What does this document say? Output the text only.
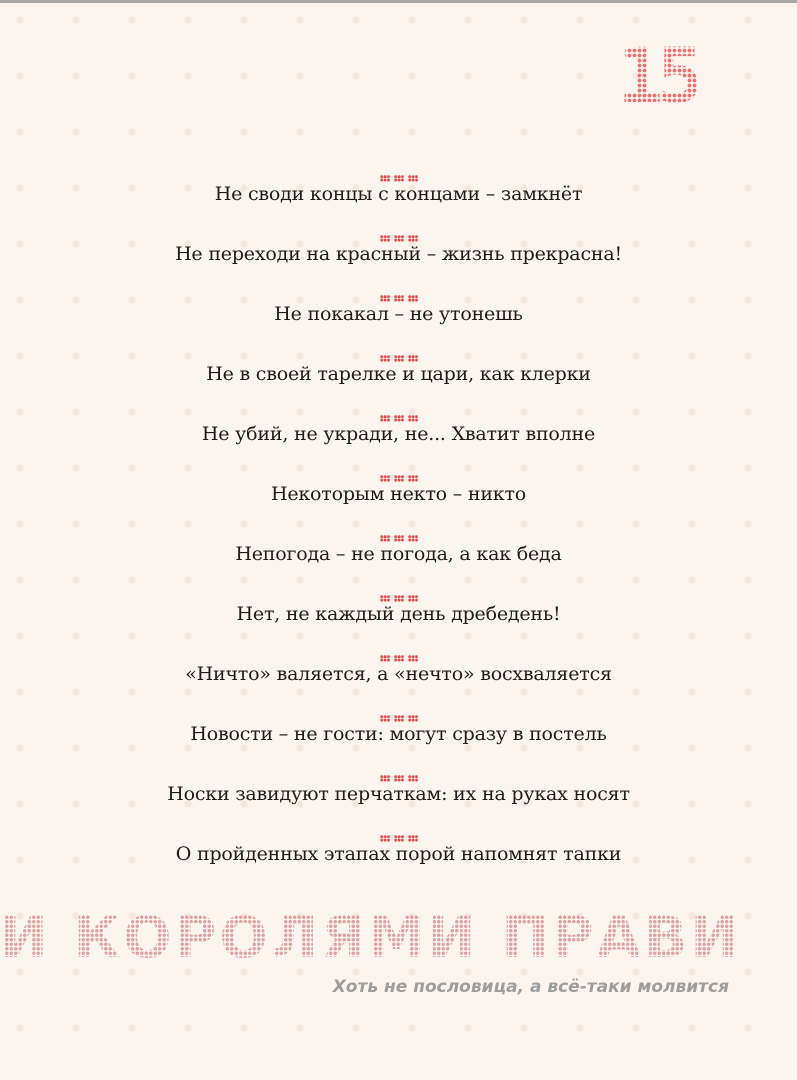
15
Не своди концы с концами – замкнёт
Не переходи на красный – жизнь прекрасна!
Не покакал – не утонешь
Не в своей тарелке и цари, как клерки
Не убий, не укради, не... Хватит вполне
Некоторым некто – никто
Непогода – не погода, а как беда
Нет, не каждый день дребедень!
«Ничто» валяется, а «нечто» восхваляется
Новости – не гости: могут сразу в постель
Носки завидуют перчаткам: их на руках носят
О пройденных этапах порой напомнят тапки
И КОРОЛЯМИ ПРАВИТ
Хоть не пословица, а всё-таки молвится
